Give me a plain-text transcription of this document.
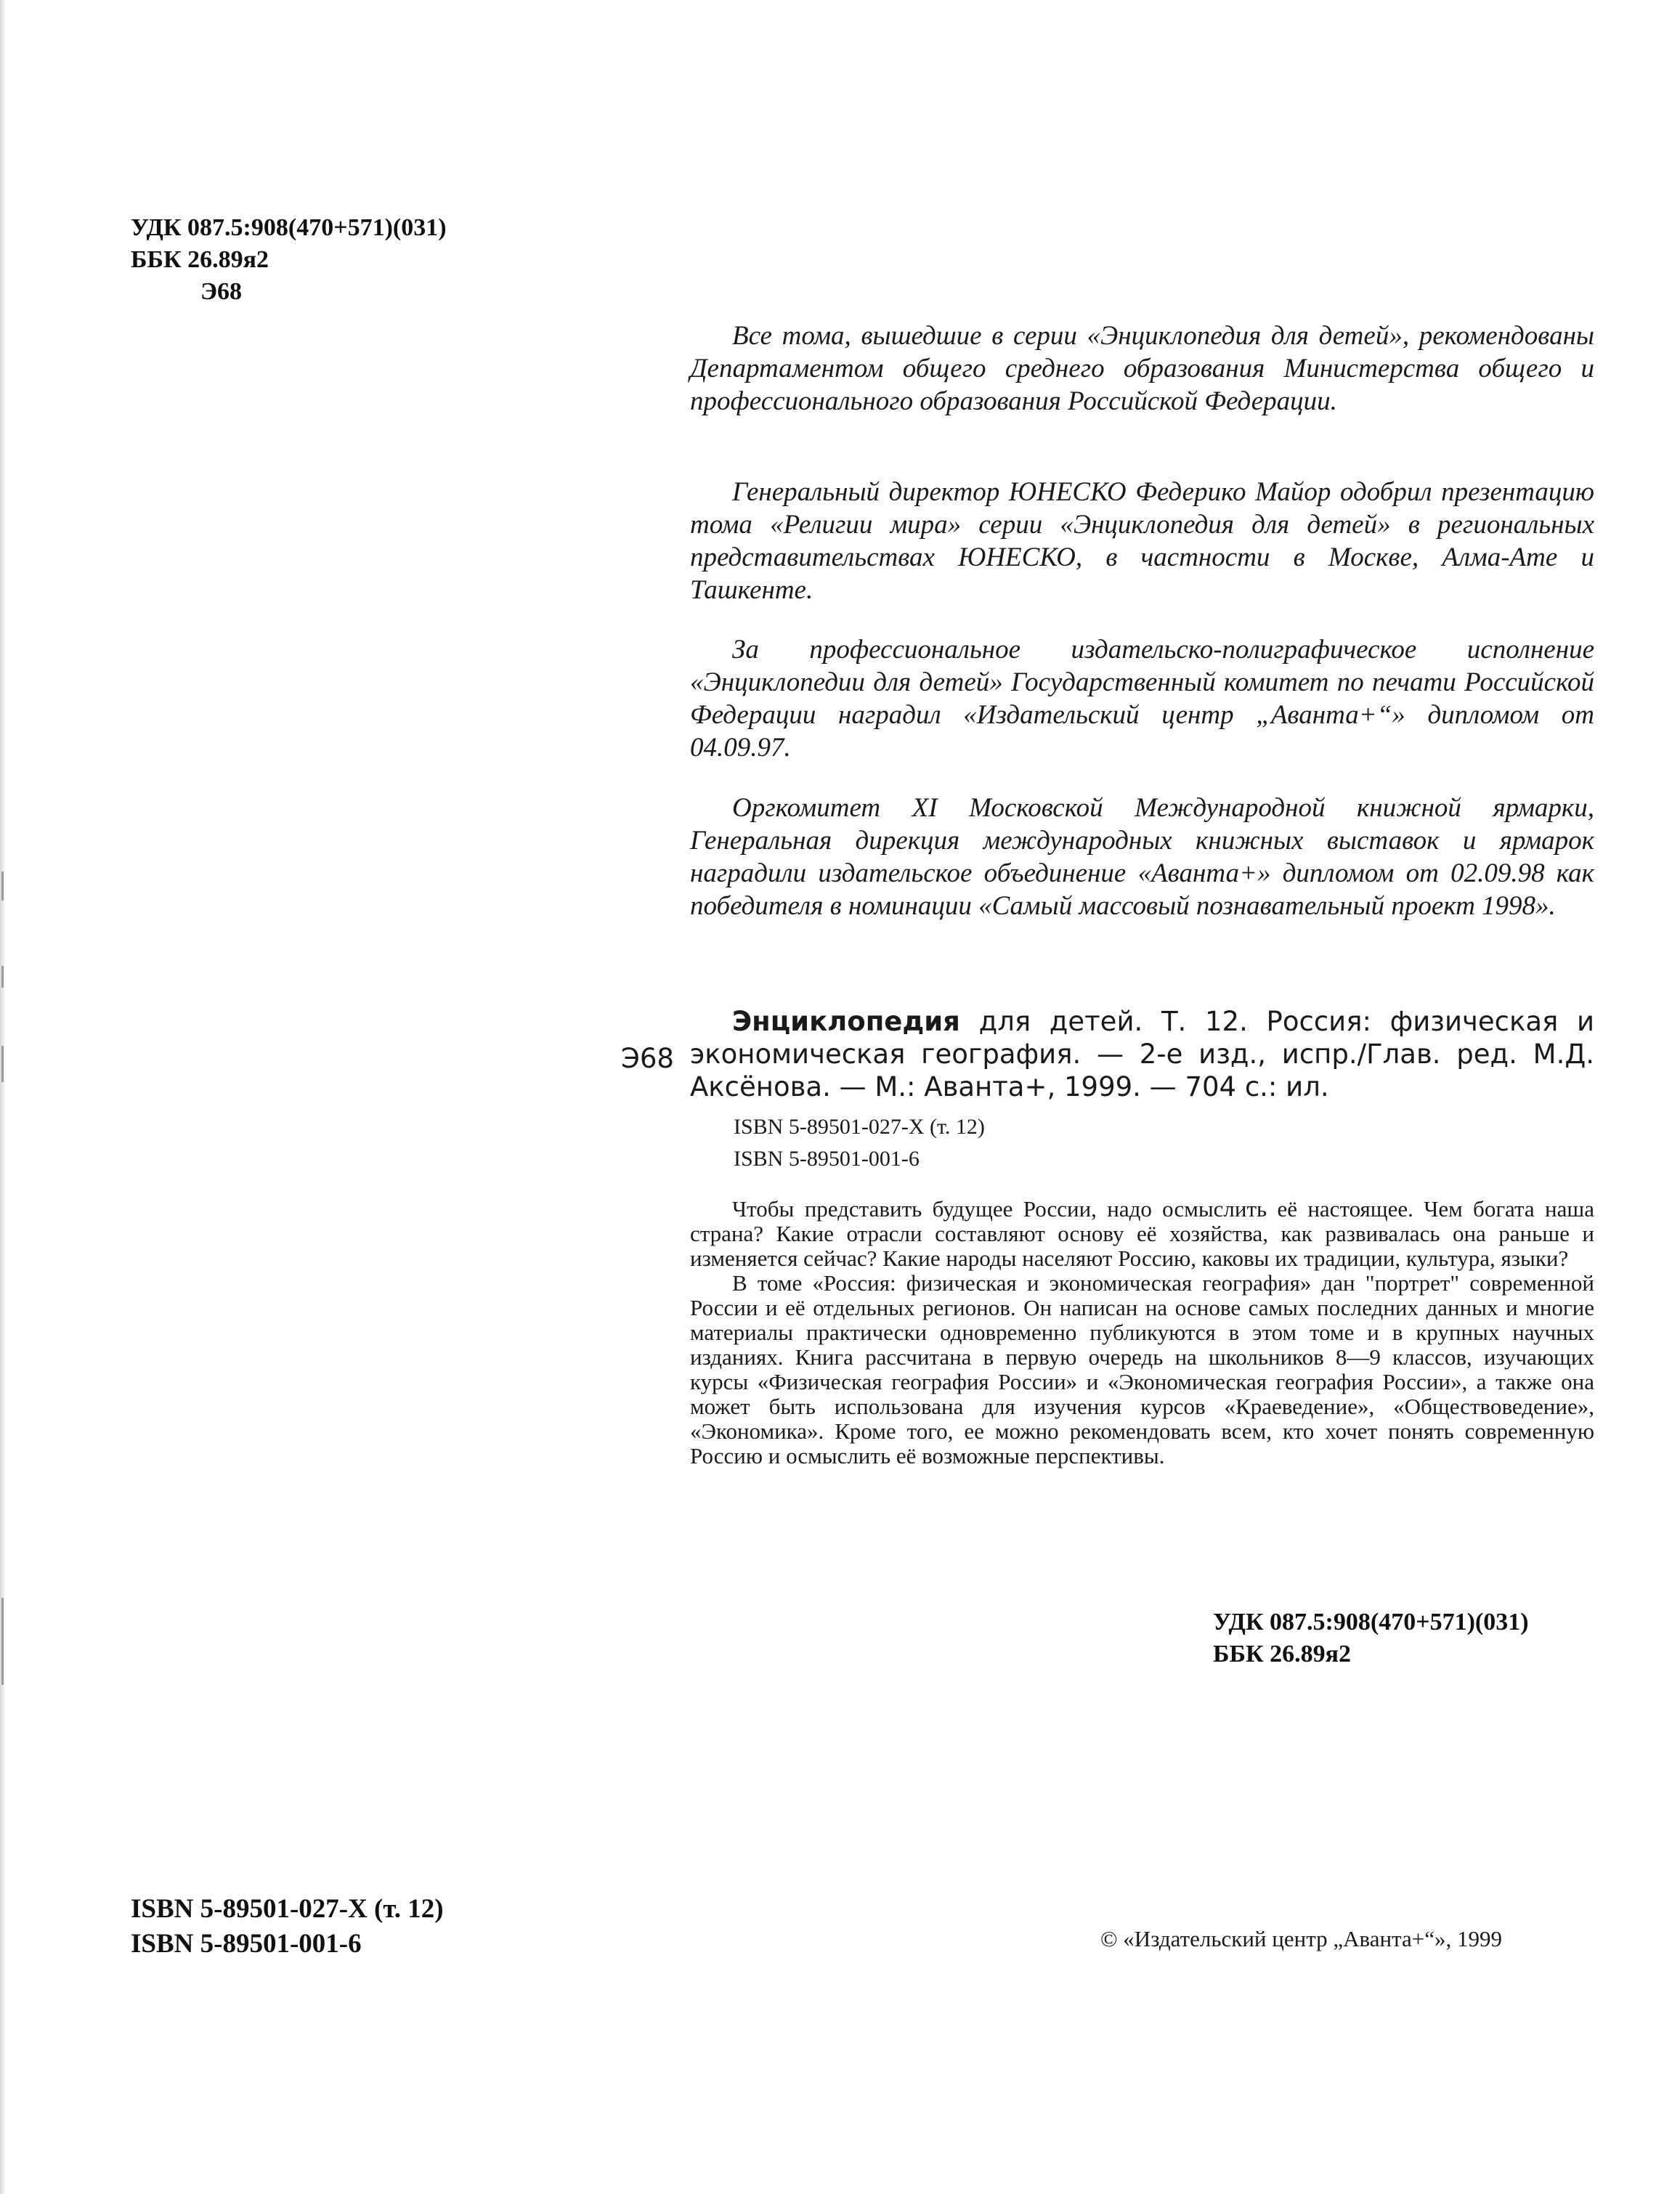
УДК 087.5:908(470+571)(031)
ББК 26.89я2
Э68

Все тома, вышедшие в серии «Энциклопедия для детей», рекомендованы Департаментом общего среднего образования Министерства общего и профессионального образования Российской Федерации.

Генеральный директор ЮНЕСКО Федерико Майор одобрил презентацию тома «Религии мира» серии «Энциклопедия для детей» в региональных представительствах ЮНЕСКО, в частности в Москве, Алма-Ате и Ташкенте.

За профессиональное издательско-полиграфическое исполнение «Энциклопедии для детей» Государственный комитет по печати Российской Федерации наградил «Издательский центр „Аванта+“» дипломом от 04.09.97.

Оргкомитет XI Московской Международной книжной ярмарки, Генеральная дирекция международных книжных выставок и ярмарок наградили издательское объединение «Аванта+» дипломом от 02.09.98 как победителя в номинации «Самый массовый познавательный проект 1998».

Э68

Энциклопедия для детей. Т. 12. Россия: физическая и экономическая география. — 2-е изд., испр./Глав. ред. М.Д. Аксёнова. — М.: Аванта+, 1999. — 704 с.: ил.

ISBN 5-89501-027-X (т. 12)
ISBN 5-89501-001-6

Чтобы представить будущее России, надо осмыслить её настоящее. Чем богата наша страна? Какие отрасли составляют основу её хозяйства, как развивалась она раньше и изменяется сейчас? Какие народы населяют Россию, каковы их традиции, культура, языки?

В томе «Россия: физическая и экономическая география» дан "портрет" современной России и её отдельных регионов. Он написан на основе самых последних данных и многие материалы практически одновременно публикуются в этом томе и в крупных научных изданиях. Книга рассчитана в первую очередь на школьников 8—9 классов, изучающих курсы «Физическая география России» и «Экономическая география России», а также она может быть использована для изучения курсов «Краеведение», «Обществоведение», «Экономика». Кроме того, ее можно рекомендовать всем, кто хочет понять современную Россию и осмыслить её возможные перспективы.

УДК 087.5:908(470+571)(031)
ББК 26.89я2
ISBN 5-89501-027-X (т. 12)
ISBN 5-89501-001-6	© «Издательский центр „Аванта+“», 1999
